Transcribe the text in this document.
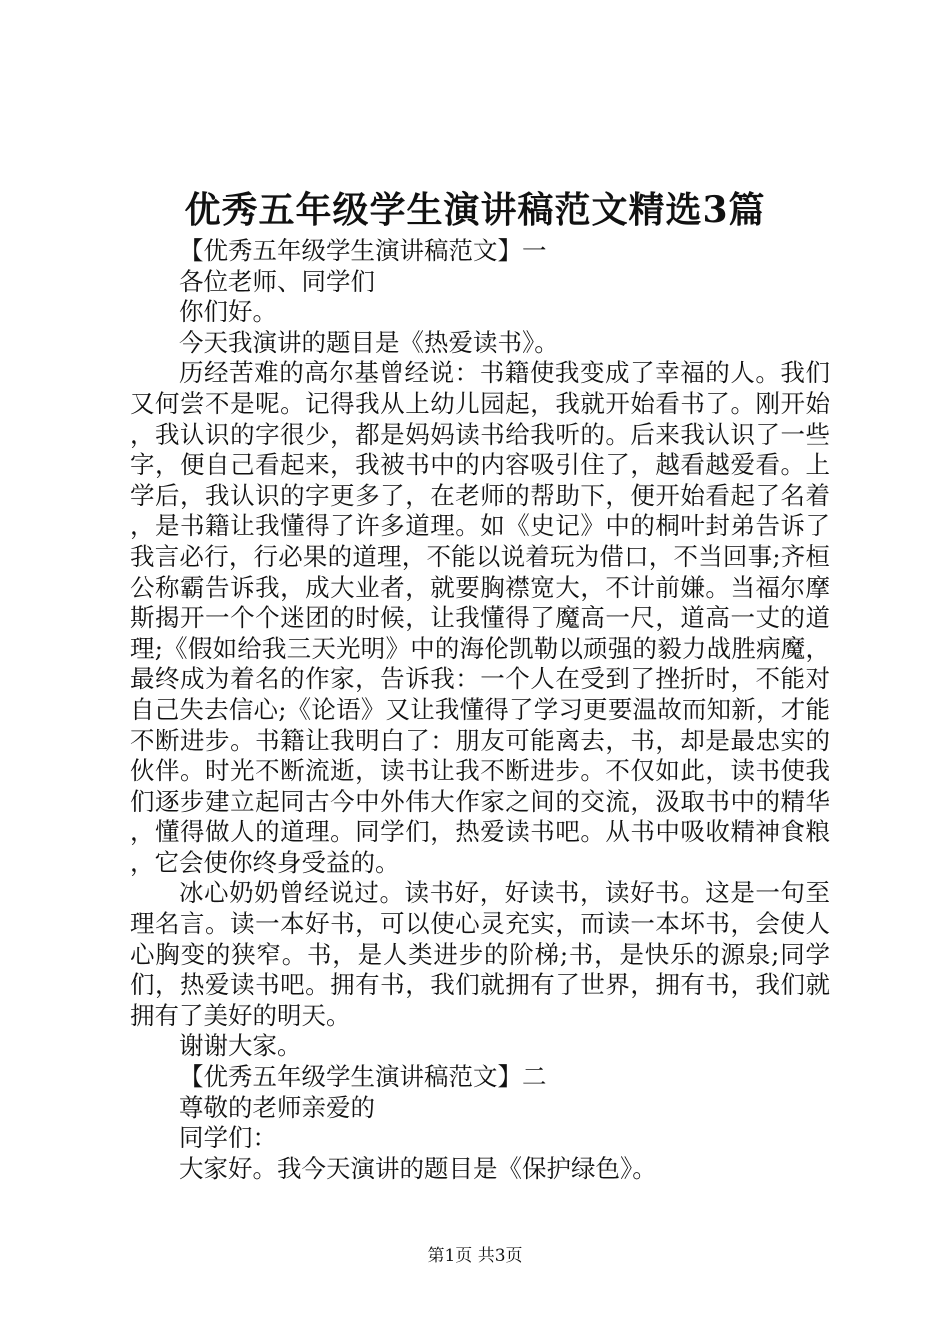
优秀五年级学生演讲稿范文精选3篇

【优秀五年级学生演讲稿范文】一

各位老师、同学们

你们好。

今天我演讲的题目是《热爱读书》。

历经苦难的高尔基曾经说：书籍使我变成了幸福的人。我们又何尝不是呢。记得我从上幼儿园起，我就开始看书了。刚开始，我认识的字很少，都是妈妈读书给我听的。后来我认识了一些字，便自己看起来，我被书中的内容吸引住了，越看越爱看。上学后，我认识的字更多了，在老师的帮助下，便开始看起了名着，是书籍让我懂得了许多道理。如《史记》中的桐叶封弟告诉了我言必行，行必果的道理，不能以说着玩为借口，不当回事;齐桓公称霸告诉我，成大业者，就要胸襟宽大，不计前嫌。当福尔摩斯揭开一个个迷团的时候，让我懂得了魔高一尺，道高一丈的道理;《假如给我三天光明》中的海伦凯勒以顽强的毅力战胜病魔，最终成为着名的作家，告诉我：一个人在受到了挫折时，不能对自己失去信心;《论语》又让我懂得了学习更要温故而知新，才能不断进步。书籍让我明白了：朋友可能离去，书，却是最忠实的伙伴。时光不断流逝，读书让我不断进步。不仅如此，读书使我们逐步建立起同古今中外伟大作家之间的交流，汲取书中的精华，懂得做人的道理。同学们，热爱读书吧。从书中吸收精神食粮，它会使你终身受益的。

冰心奶奶曾经说过。读书好，好读书，读好书。这是一句至理名言。读一本好书，可以使心灵充实，而读一本坏书，会使人心胸变的狭窄。书，是人类进步的阶梯;书，是快乐的源泉;同学们，热爱读书吧。拥有书，我们就拥有了世界，拥有书，我们就拥有了美好的明天。

谢谢大家。

【优秀五年级学生演讲稿范文】二

尊敬的老师亲爱的

同学们：

大家好。我今天演讲的题目是《保护绿色》。

第1页 共3页
